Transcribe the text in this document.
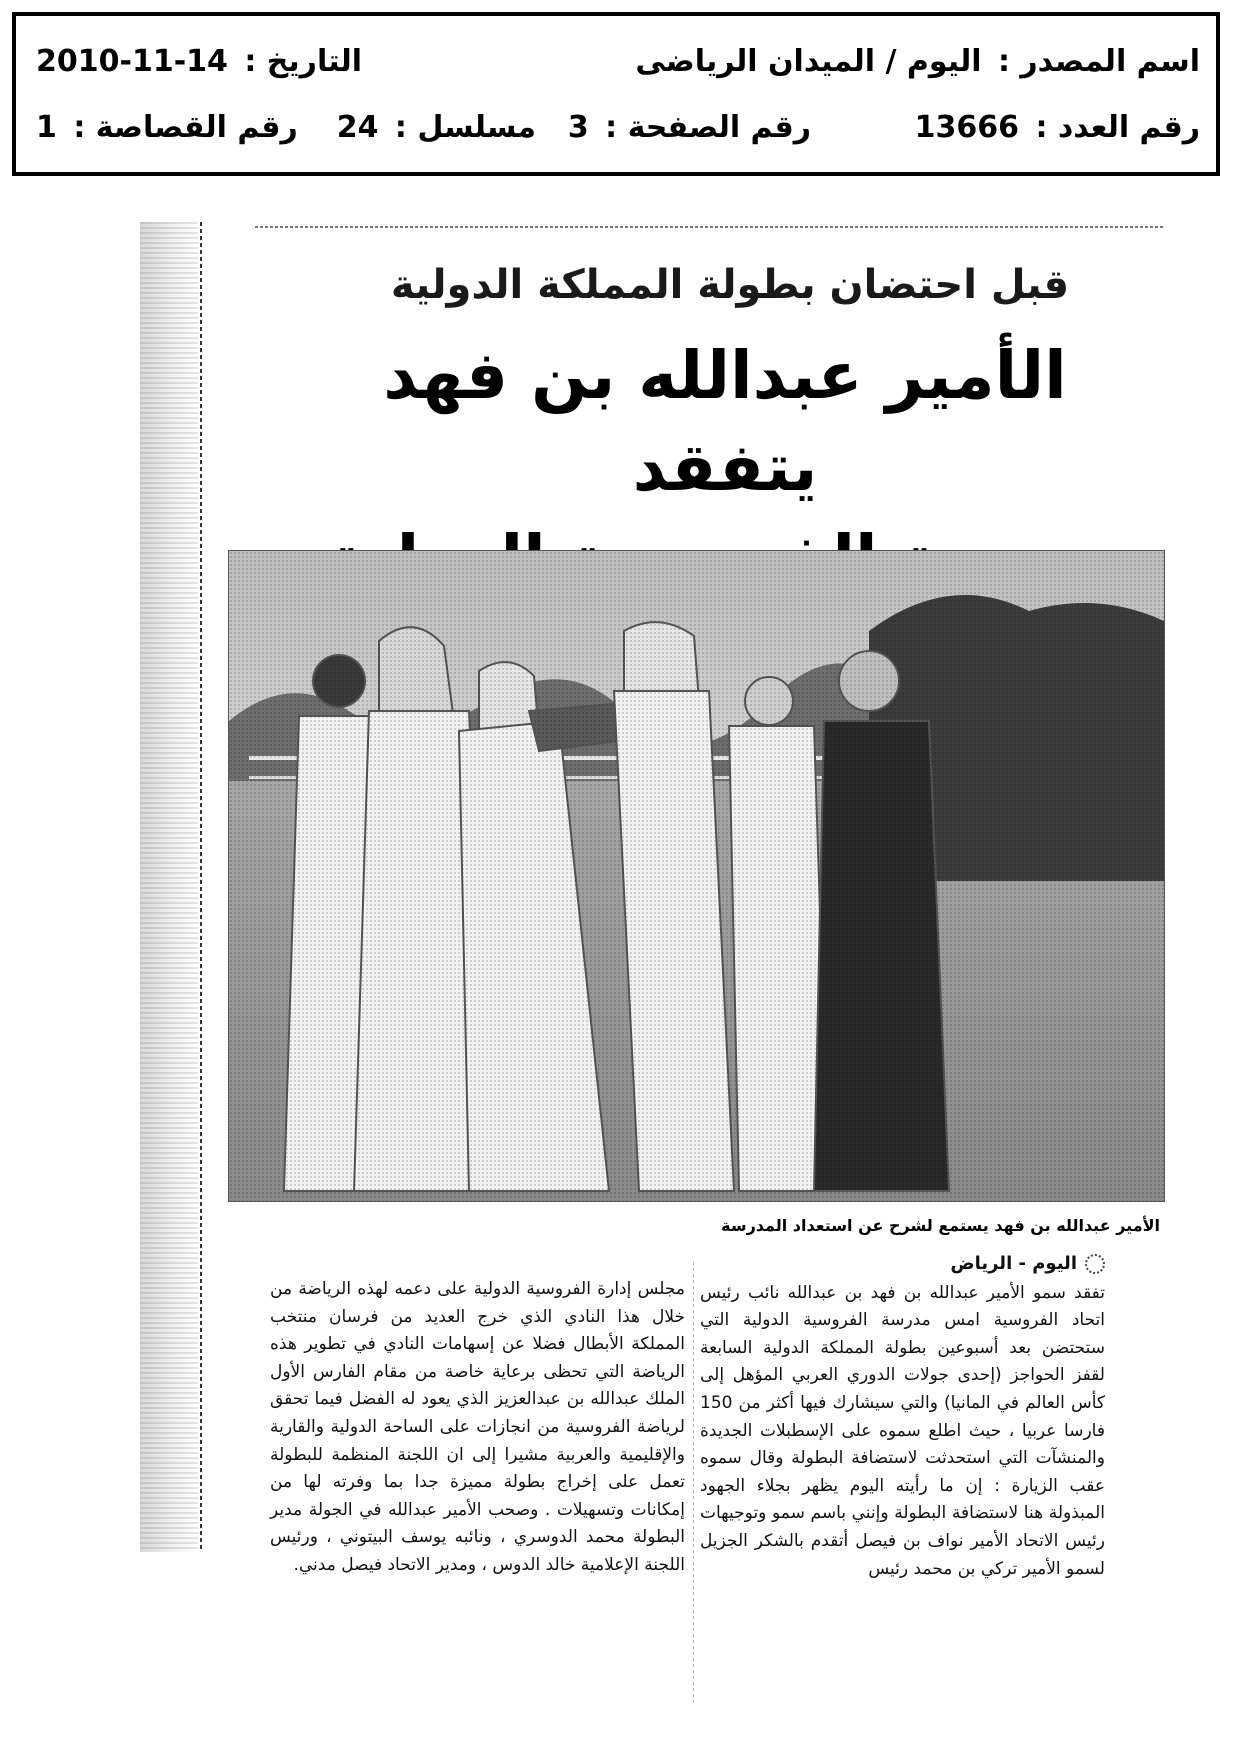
اسم المصدر : اليوم / الميدان الرياضى
التاريخ : 2010-11-14
رقم العدد : 13666
رقم الصفحة : 3
مسلسل : 24
رقم القصاصة : 1
قبل احتضان بطولة المملكة الدولية
الأمير عبدالله بن فهد يتفقد
الأمير عبدالله بن فهد يستمع لشرح عن استعداد المدرسة
اليوم - الرياض
تفقد سمو الأمير عبدالله بن فهد بن عبدالله نائب رئيس اتحاد الفروسية امس مدرسة الفروسية الدولية التي ستحتضن بعد أسبوعين بطولة المملكة الدولية السابعة لقفز الحواجز (إحدى جولات الدوري العربي المؤهل إلى كأس العالم في المانيا) والتي سيشارك فيها أكثر من 150 فارسا عربيا ، حيث اطلع سموه على الإسطبلات الجديدة والمنشآت التي استحدثت لاستضافة البطولة وقال سموه عقب الزيارة : إن ما رأيته اليوم يظهر بجلاء الجهود المبذولة هنا لاستضافة البطولة وإنني باسم سمو وتوجيهات رئيس الاتحاد الأمير نواف بن فيصل أتقدم بالشكر الجزيل لسمو الأمير تركي بن محمد رئيس
مجلس إدارة الفروسية الدولية على دعمه لهذه الرياضة من خلال هذا النادي الذي خرج العديد من فرسان منتخب المملكة الأبطال فضلا عن إسهامات النادي في تطوير هذه الرياضة التي تحظى برعاية خاصة من مقام الفارس الأول الملك عبدالله بن عبدالعزيز الذي يعود له الفضل فيما تحقق لرياضة الفروسية من انجازات على الساحة الدولية والقارية والإقليمية والعربية مشيرا إلى ان اللجنة المنظمة للبطولة تعمل على إخراج بطولة مميزة جدا بما وفرته لها من إمكانات وتسهيلات . وصحب الأمير عبدالله في الجولة مدير البطولة محمد الدوسري ، ونائبه يوسف البيتوني ، ورئيس اللجنة الإعلامية خالد الدوس ، ومدير الاتحاد فيصل مدني.
